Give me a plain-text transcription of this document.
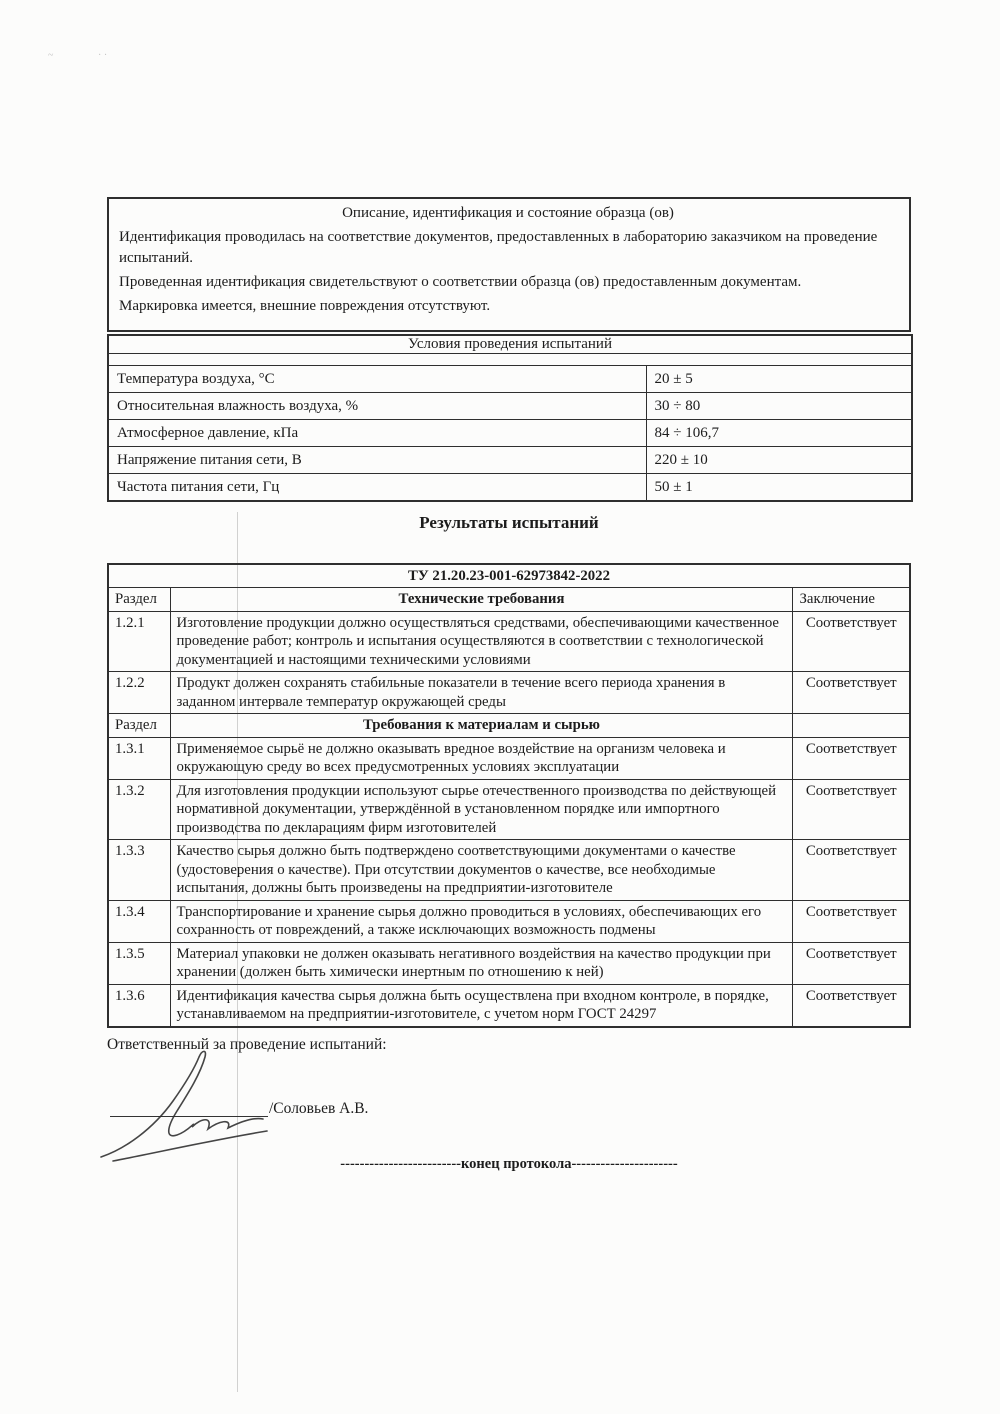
~	· ·
Описание, идентификация и состояние образца (ов)

Идентификация проводилась на соответствие документов, предоставленных в лабораторию заказчиком на проведение испытаний.

Проведенная идентификация свидетельствуют о соответствии образца (ов) предоставленным документам.

Маркировка имеется, внешние повреждения отсутствуют.

Условия проведения испытаний	

Температура воздуха, °С	20 ± 5
Относительная влажность воздуха, %	30 ÷ 80
Атмосферное давление, кПа	84 ÷ 106,7
Напряжение питания сети, В	220 ± 10
Частота питания сети, Гц	50 ± 1
Результаты испытаний
ТУ 21.20.23-001-62973842-2022		
Раздел	Технические требования	Заключение
1.2.1	Изготовление продукции должно осуществляться средствами, обеспечивающими качественное проведение работ; контроль и испытания осуществляются в соответствии с технологической документацией и настоящими техническими условиями	Соответствует
1.2.2	Продукт должен сохранять стабильные показатели в течение всего периода хранения в заданном интервале температур окружающей среды	Соответствует
Раздел	Требования к материалам и сырью	
1.3.1	Применяемое сырьё не должно оказывать вредное воздействие на организм человека и окружающую среду во всех предусмотренных условиях эксплуатации	Соответствует
1.3.2	Для изготовления продукции используют сырье отечественного производства по действующей нормативной документации, утверждённой в установленном порядке или импортного производства по декларациям фирм изготовителей	Соответствует
1.3.3	Качество сырья должно быть подтверждено соответствующими документами о качестве (удостоверения о качестве). При отсутствии документов о качестве, все необходимые испытания, должны быть произведены на предприятии-изготовителе	Соответствует
1.3.4	Транспортирование и хранение сырья должно проводиться в условиях, обеспечивающих его сохранность от повреждений, а также исключающих возможность подмены	Соответствует
1.3.5	Материал упаковки не должен оказывать негативного воздействия на качество продукции при хранении (должен быть химически инертным по отношению к ней)	Соответствует
1.3.6	Идентификация качества сырья должна быть осуществлена при входном контроле, в порядке, устанавливаемом на предприятии-изготовителе, с учетом норм ГОСТ 24297	Соответствует
Ответственный за проведение испытаний:
/Соловьев А.В.
-------------------------конец протокола----------------------
